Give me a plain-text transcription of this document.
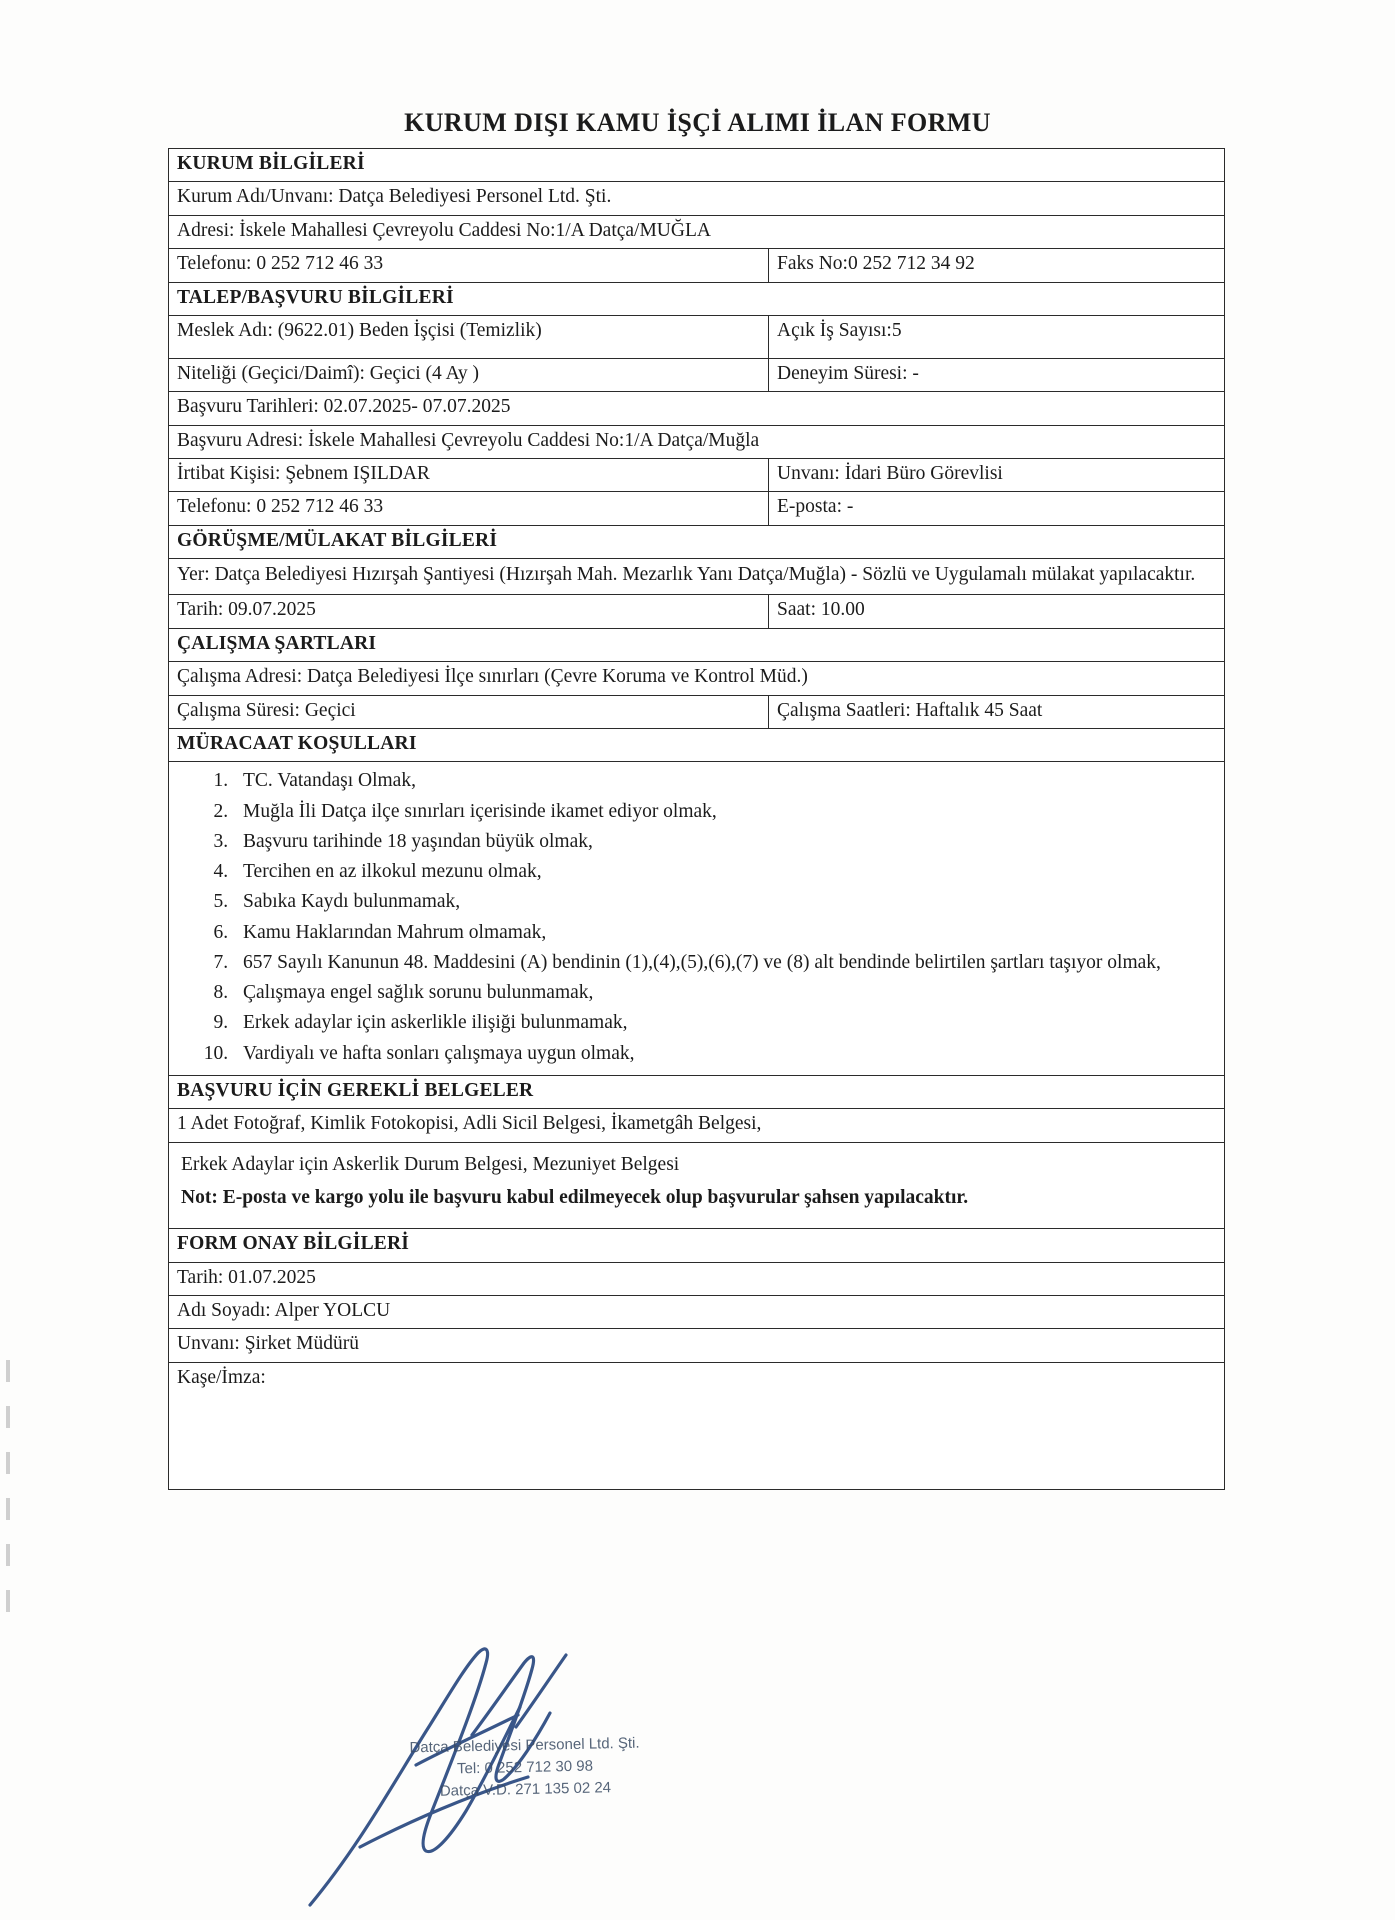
KURUM DIŞI KAMU İŞÇİ ALIMI İLAN FORMU
KURUM BİLGİLERİ	
Kurum Adı/Unvanı: Datça Belediyesi Personel Ltd. Şti.	
Adresi: İskele Mahallesi Çevreyolu Caddesi No:1/A Datça/MUĞLA	
Telefonu: 0 252 712 46 33	Faks No:0 252 712 34 92
TALEP/BAŞVURU BİLGİLERİ	
Meslek Adı: (9622.01) Beden İşçisi (Temizlik)	Açık İş Sayısı:5
Niteliği (Geçici/Daimî): Geçici (4 Ay )	Deneyim Süresi: -
Başvuru Tarihleri: 02.07.2025- 07.07.2025	
Başvuru Adresi: İskele Mahallesi Çevreyolu Caddesi No:1/A Datça/Muğla	
İrtibat Kişisi: Şebnem IŞILDAR	Unvanı: İdari Büro Görevlisi
Telefonu: 0 252 712 46 33	E-posta: -
GÖRÜŞME/MÜLAKAT BİLGİLERİ	
Yer: Datça Belediyesi Hızırşah Şantiyesi (Hızırşah Mah. Mezarlık Yanı Datça/Muğla) - Sözlü ve Uygulamalı mülakat yapılacaktır.	
Tarih: 09.07.2025	Saat: 10.00
ÇALIŞMA ŞARTLARI	
Çalışma Adresi: Datça Belediyesi İlçe sınırları (Çevre Koruma ve Kontrol Müd.)	
Çalışma Süresi: Geçici	Çalışma Saatleri: Haftalık 45 Saat
MÜRACAAT KOŞULLARI	

1. TC. Vatandaşı Olmak,
2. Muğla İli Datça ilçe sınırları içerisinde ikamet ediyor olmak,
3. Başvuru tarihinde 18 yaşından büyük olmak,
4. Tercihen en az ilkokul mezunu olmak,
5. Sabıka Kaydı bulunmamak,
6. Kamu Haklarından Mahrum olmamak,
7. 657 Sayılı Kanunun 48. Maddesini (A) bendinin (1),(4),(5),(6),(7) ve (8) alt bendinde belirtilen şartları taşıyor olmak,
8. Çalışmaya engel sağlık sorunu bulunmamak,
9. Erkek adaylar için askerlikle ilişiği bulunmamak,
10. Vardiyalı ve hafta sonları çalışmaya uygun olmak,

BAŞVURU İÇİN GEREKLİ BELGELER	
1 Adet Fotoğraf, Kimlik Fotokopisi, Adli Sicil Belgesi, İkametgâh Belgesi,	

Erkek Adaylar için Askerlik Durum Belgesi, Mezuniyet Belgesi
Not: E-posta ve kargo yolu ile başvuru kabul edilmeyecek olup başvurular şahsen yapılacaktır.	

FORM ONAY BİLGİLERİ	
Tarih: 01.07.2025	
Adı Soyadı: Alper YOLCU	
Unvanı: Şirket Müdürü	
Kaşe/İmza:	
Datça Belediyesi Personel Ltd. Şti.
Tel: 0 252 712 30 98
Datça V.D. 271 135 02 24
